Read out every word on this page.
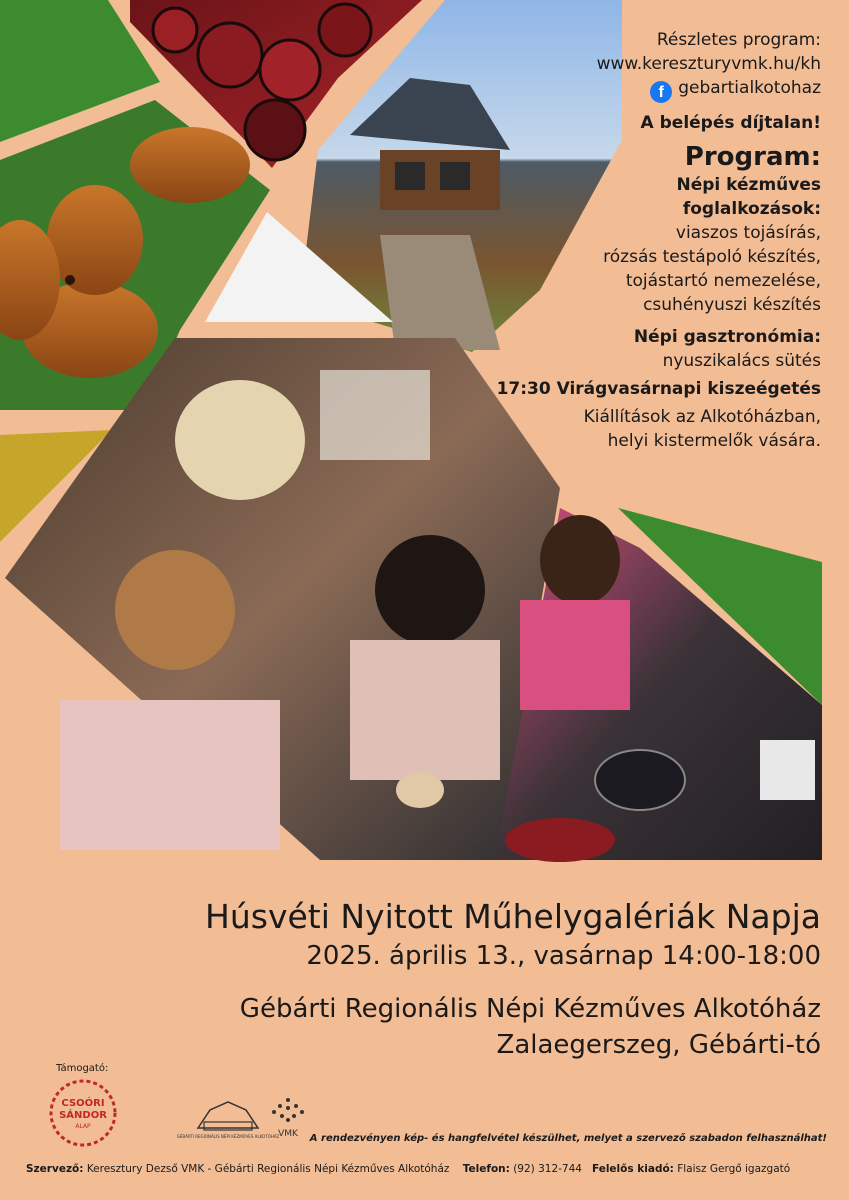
Részletes program:
www.kereszturyvmk.hu/kh
f gebartialkotohaz
A belépés díjtalan!
Program:
Népi kézműves
foglalkozások:
viaszos tojásírás,
rózsás testápoló készítés,
tojástartó nemezelése,
csuhényuszi készítés
Népi gasztronómia:
nyuszikalács sütés
17:30 Virágvasárnapi kiszeégetés
Kiállítások az Alkotóházban,
helyi kistermelők vására.
Húsvéti Nyitott Műhelygalériák Napja
2025. április 13., vasárnap 14:00-18:00
Gébárti Regionális Népi Kézműves Alkotóház
Zalaegerszeg, Gébárti-tó
Támogató:
CSOÓRI
SÁNDOR
ALAP
GÉBÁRTI REGIONÁLIS NÉPI KÉZMŰVES ALKOTÓHÁZ
VMK A rendezvényen kép- és hangfelvétel készülhet, melyet a szervező szabadon felhasználhat!
Szervező: Keresztury Dezső VMK - Gébárti Regionális Népi Kézműves Alkotóház Telefon: (92) 312-744 Felelős kiadó: Flaisz Gergő igazgató
